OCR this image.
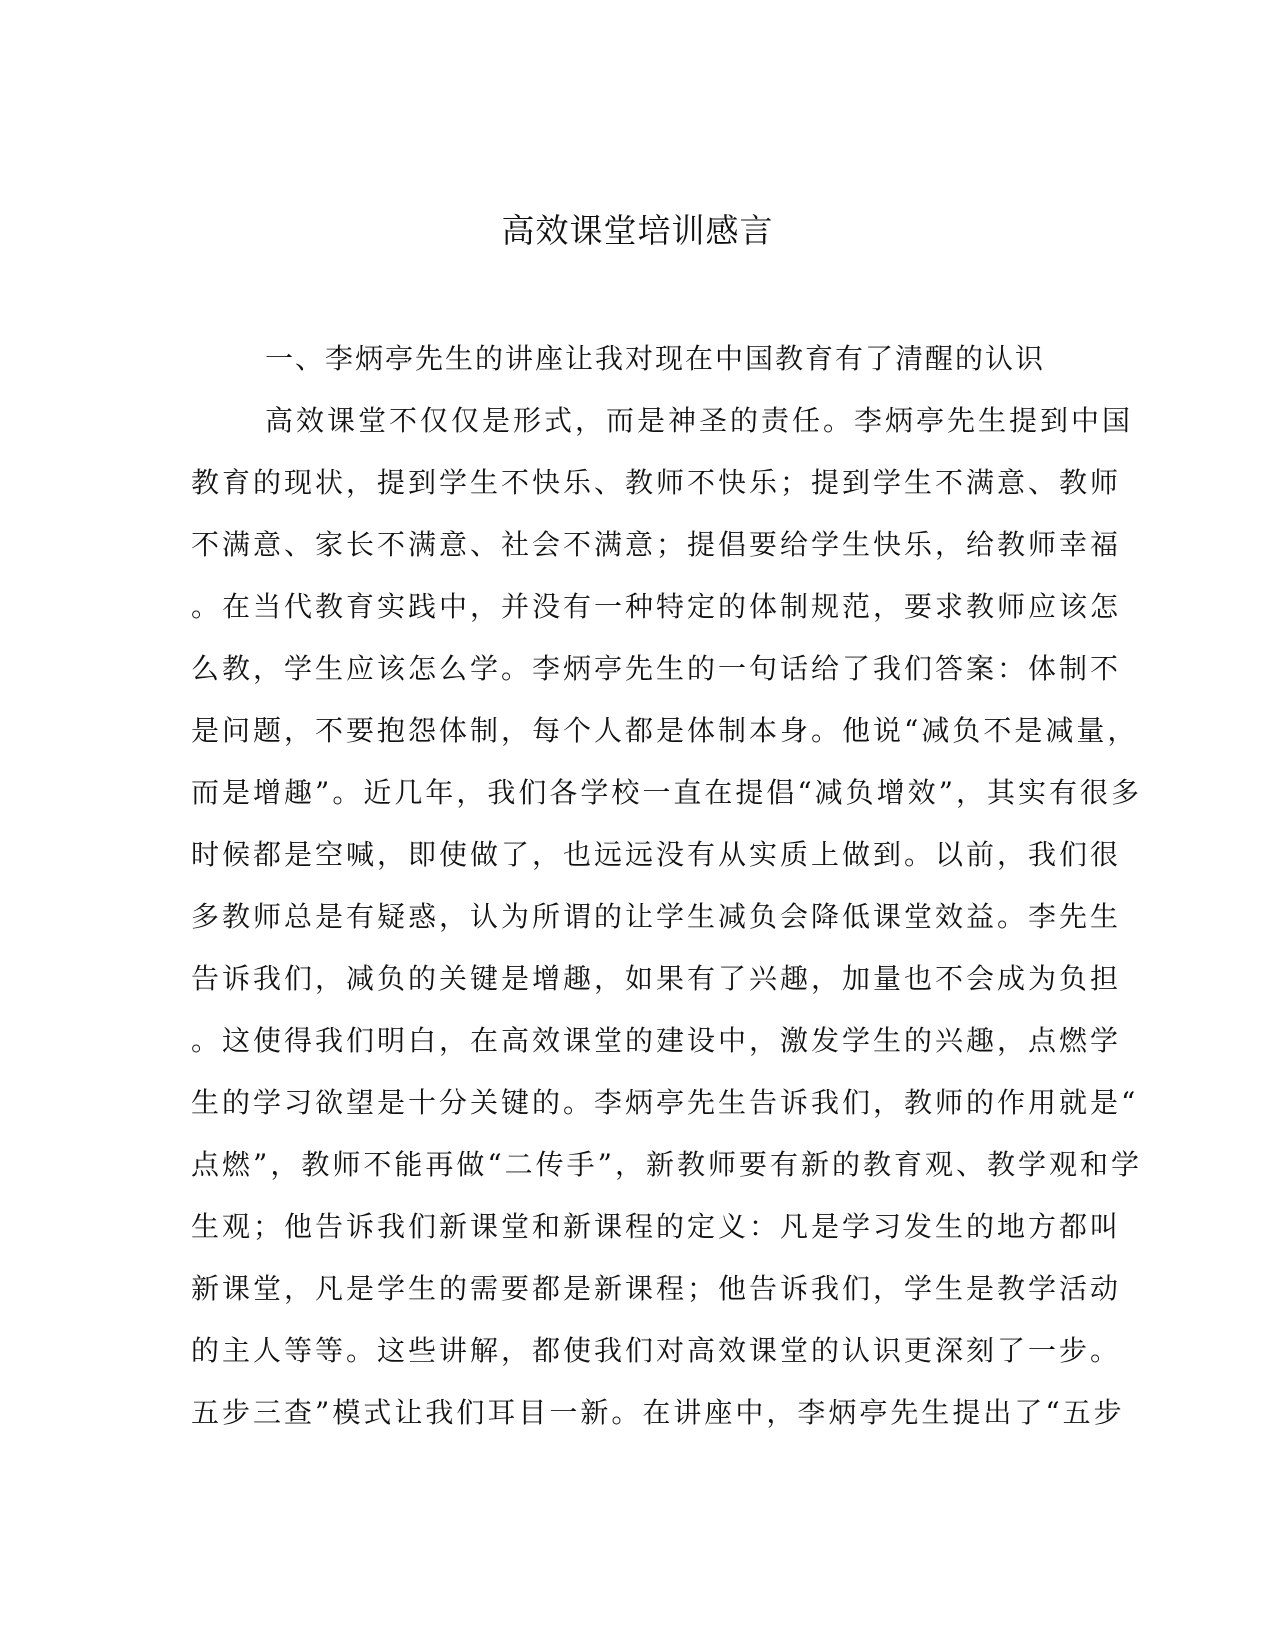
高效课堂培训感言
一、李炳亭先生的讲座让我对现在中国教育有了清醒的认识
高效课堂不仅仅是形式，而是神圣的责任。李炳亭先生提到中国
教育的现状，提到学生不快乐、教师不快乐；提到学生不满意、教师
不满意、家长不满意、社会不满意；提倡要给学生快乐，给教师幸福
。在当代教育实践中，并没有一种特定的体制规范，要求教师应该怎
么教，学生应该怎么学。李炳亭先生的一句话给了我们答案：体制不
是问题，不要抱怨体制，每个人都是体制本身。他说“减负不是减量，
而是增趣”。近几年，我们各学校一直在提倡“减负增效”，其实有很多
时候都是空喊，即使做了，也远远没有从实质上做到。以前，我们很
多教师总是有疑惑，认为所谓的让学生减负会降低课堂效益。李先生
告诉我们，减负的关键是增趣，如果有了兴趣，加量也不会成为负担
。这使得我们明白，在高效课堂的建设中，激发学生的兴趣，点燃学
生的学习欲望是十分关键的。李炳亭先生告诉我们，教师的作用就是“
点燃”，教师不能再做“二传手”，新教师要有新的教育观、教学观和学
生观；他告诉我们新课堂和新课程的定义：凡是学习发生的地方都叫
新课堂，凡是学生的需要都是新课程；他告诉我们，学生是教学活动
的主人等等。这些讲解，都使我们对高效课堂的认识更深刻了一步。
五步三查”模式让我们耳目一新。在讲座中，李炳亭先生提出了“五步
